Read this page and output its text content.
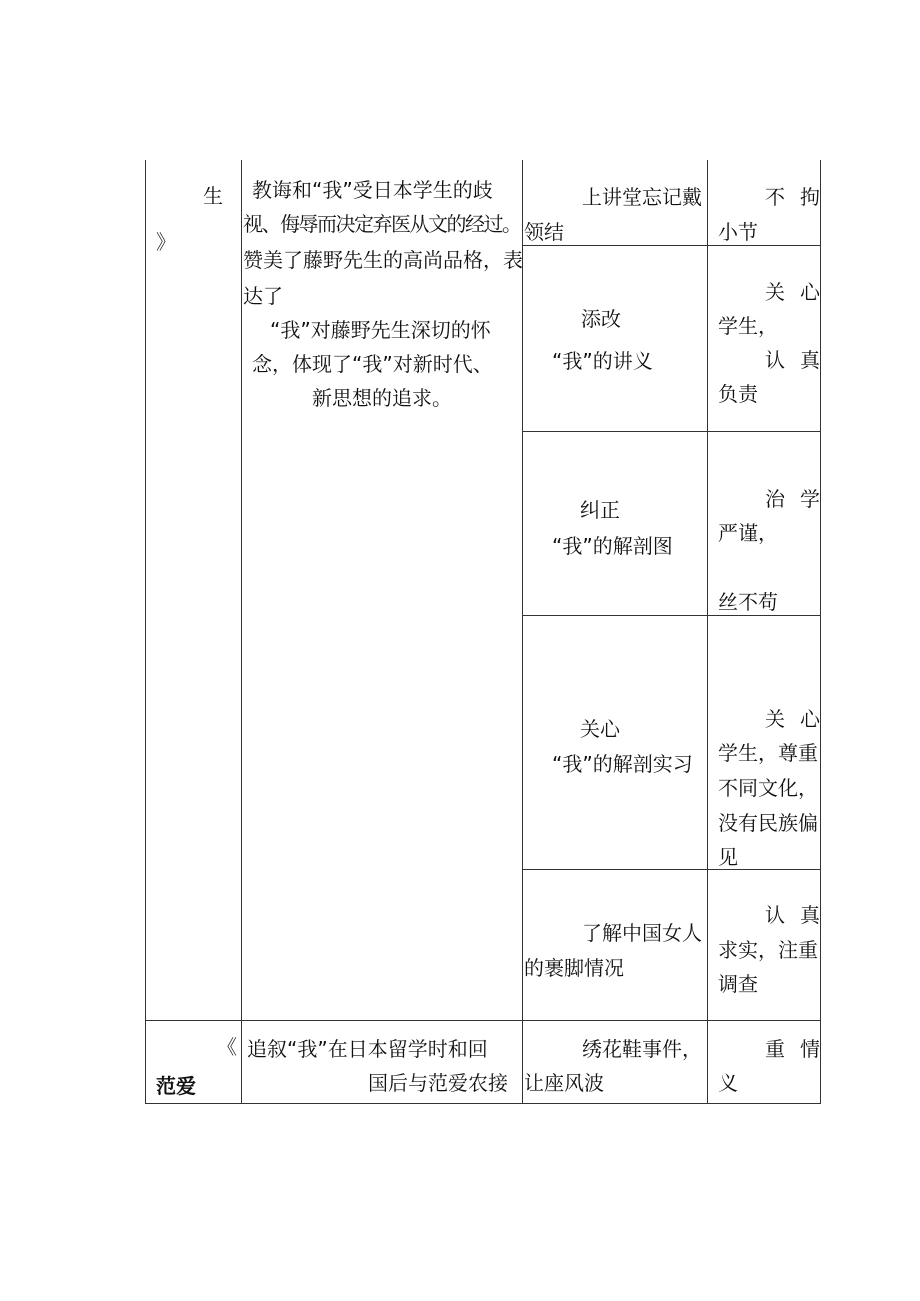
生
》
教诲和“我”受日本学生的歧
视、侮辱而决定弃医从文的经过。
赞美了藤野先生的高尚品格，表
达了
“我”对藤野先生深切的怀
念，体现了“我”对新时代、
新思想的追求。
上讲堂忘记戴
领结
不 拘
小节
添改
“我”的讲义
关 心
学生，
认 真
负责
纠正
“我”的解剖图
治 学
严谨，
丝不苟
关心
“我”的解剖实习
关 心
学生，尊重
不同文化，
没有民族偏
见
了解中国女人
的裹脚情况
认 真
求实，注重
调查
《
范爱
追叙“我”在日本留学时和回
国后与范爱农接
绣花鞋事件，
让座风波
重 情
义
